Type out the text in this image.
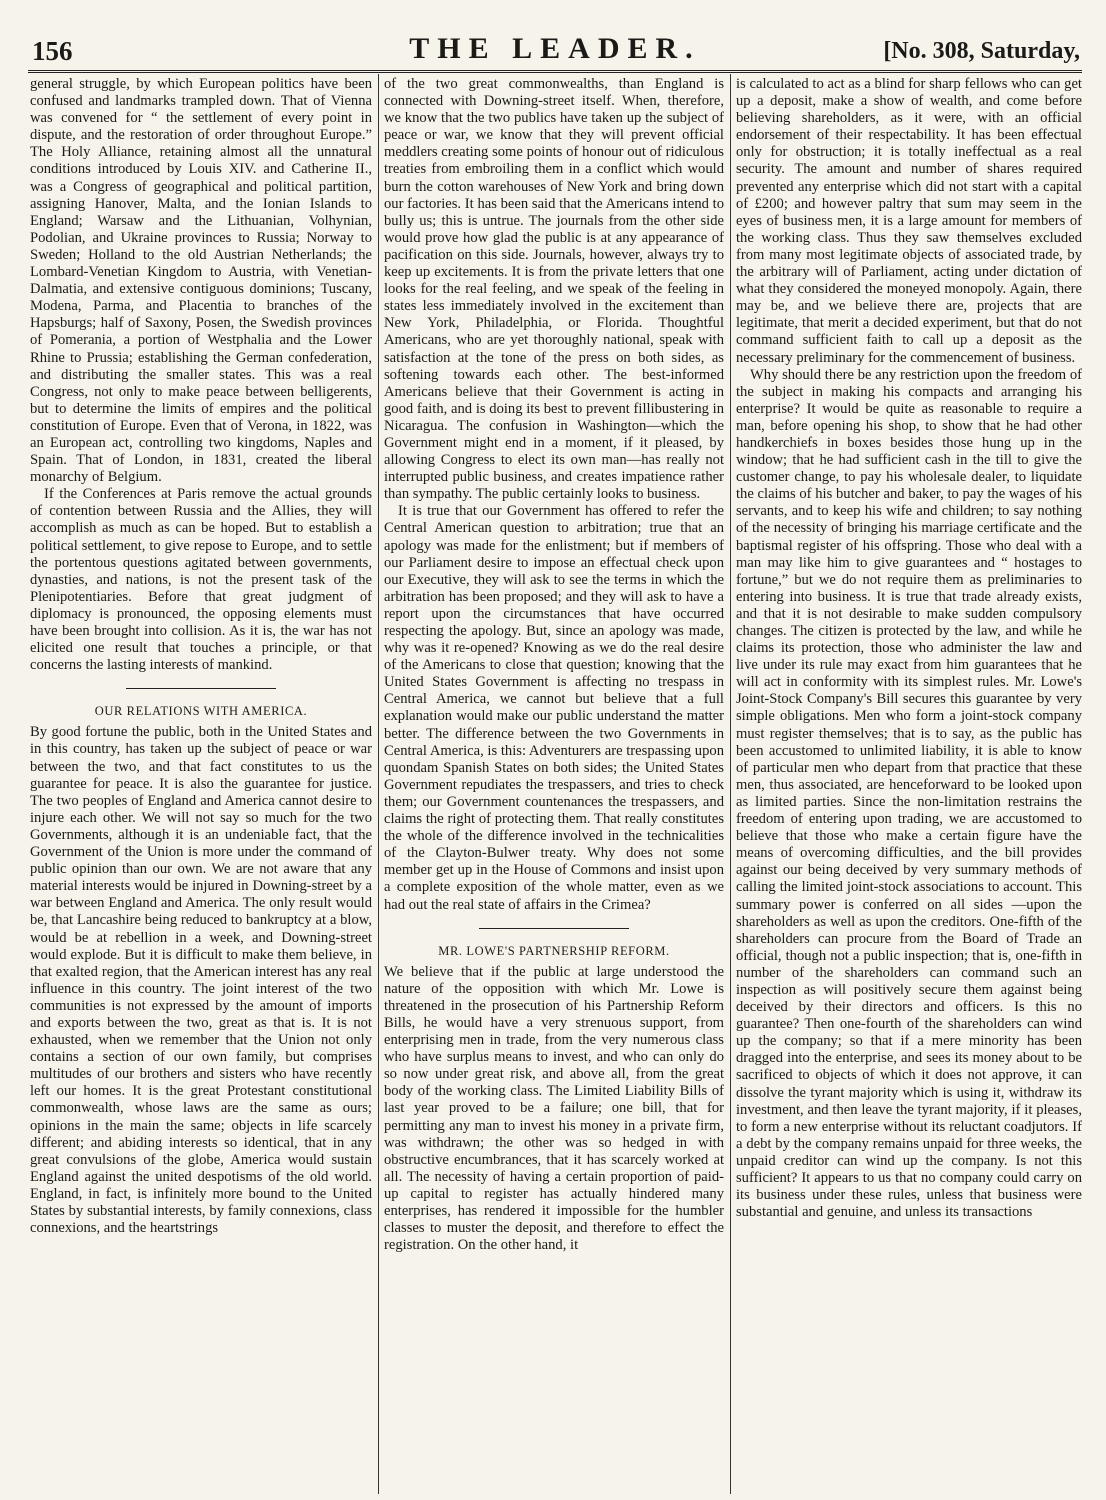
156	THE LEADER.	[No. 308, Saturday,

general struggle, by which European politics have been confused and landmarks trampled down. That of Vienna was convened for “ the settlement of every point in dispute, and the restoration of order throughout Europe.” The Holy Alliance, retaining almost all the unnatural conditions introduced by Louis XIV. and Catherine II., was a Congress of geographical and political partition, assigning Hanover, Malta, and the Ionian Islands to England; Warsaw and the Lithuanian, Volhynian, Podolian, and Ukraine provinces to Russia; Norway to Sweden; Holland to the old Austrian Netherlands; the Lombard-Venetian Kingdom to Austria, with Venetian-Dalmatia, and extensive contiguous dominions; Tuscany, Modena, Parma, and Placentia to branches of the Hapsburgs; half of Saxony, Posen, the Swedish provinces of Pomerania, a portion of Westphalia and the Lower Rhine to Prussia; establishing the German confederation, and distributing the smaller states. This was a real Congress, not only to make peace between belligerents, but to determine the limits of empires and the political constitution of Europe. Even that of Verona, in 1822, was an European act, controlling two kingdoms, Naples and Spain. That of London, in 1831, created the liberal monarchy of Belgium.

If the Conferences at Paris remove the actual grounds of contention between Russia and the Allies, they will accomplish as much as can be hoped. But to establish a political settlement, to give repose to Europe, and to settle the portentous questions agitated between governments, dynasties, and nations, is not the present task of the Plenipotentiaries. Before that great judgment of diplomacy is pronounced, the opposing elements must have been brought into collision. As it is, the war has not elicited one result that touches a principle, or that concerns the lasting interests of mankind.

OUR RELATIONS WITH AMERICA.

By good fortune the public, both in the United States and in this country, has taken up the subject of peace or war between the two, and that fact constitutes to us the guarantee for peace. It is also the guarantee for justice. The two peoples of England and America cannot desire to injure each other. We will not say so much for the two Governments, although it is an undeniable fact, that the Government of the Union is more under the command of public opinion than our own. We are not aware that any material interests would be injured in Downing-street by a war between England and America. The only result would be, that Lancashire being reduced to bankruptcy at a blow, would be at rebellion in a week, and Downing-street would explode. But it is difficult to make them believe, in that exalted region, that the American interest has any real influence in this country. The joint interest of the two communities is not expressed by the amount of imports and exports between the two, great as that is. It is not exhausted, when we remember that the Union not only contains a section of our own family, but comprises multitudes of our brothers and sisters who have recently left our homes. It is the great Protestant constitutional commonwealth, whose laws are the same as ours; opinions in the main the same; objects in life scarcely different; and abiding interests so identical, that in any great convulsions of the globe, America would sustain England against the united despotisms of the old world. England, in fact, is infinitely more bound to the United States by substantial interests, by family connexions, class connexions, and the heartstrings

of the two great commonwealths, than England is connected with Downing-street itself. When, therefore, we know that the two publics have taken up the subject of peace or war, we know that they will prevent official meddlers creating some points of honour out of ridiculous treaties from embroiling them in a conflict which would burn the cotton warehouses of New York and bring down our factories. It has been said that the Americans intend to bully us; this is untrue. The journals from the other side would prove how glad the public is at any appearance of pacification on this side. Journals, however, always try to keep up excitements. It is from the private letters that one looks for the real feeling, and we speak of the feeling in states less immediately involved in the excitement than New York, Philadelphia, or Florida. Thoughtful Americans, who are yet thoroughly national, speak with satisfaction at the tone of the press on both sides, as softening towards each other. The best-informed Americans believe that their Government is acting in good faith, and is doing its best to prevent fillibustering in Nicaragua. The confusion in Washington—which the Government might end in a moment, if it pleased, by allowing Congress to elect its own man—has really not interrupted public business, and creates impatience rather than sympathy. The public certainly looks to business.

It is true that our Government has offered to refer the Central American question to arbitration; true that an apology was made for the enlistment; but if members of our Parliament desire to impose an effectual check upon our Executive, they will ask to see the terms in which the arbitration has been proposed; and they will ask to have a report upon the circumstances that have occurred respecting the apology. But, since an apology was made, why was it re-opened? Knowing as we do the real desire of the Americans to close that question; knowing that the United States Government is affecting no trespass in Central America, we cannot but believe that a full explanation would make our public understand the matter better. The difference between the two Governments in Central America, is this: Adventurers are trespassing upon quondam Spanish States on both sides; the United States Government repudiates the trespassers, and tries to check them; our Government countenances the trespassers, and claims the right of protecting them. That really constitutes the whole of the difference involved in the technicalities of the Clayton-Bulwer treaty. Why does not some member get up in the House of Commons and insist upon a complete exposition of the whole matter, even as we had out the real state of affairs in the Crimea?

MR. LOWE'S PARTNERSHIP REFORM.

We believe that if the public at large understood the nature of the opposition with which Mr. Lowe is threatened in the prosecution of his Partnership Reform Bills, he would have a very strenuous support, from enterprising men in trade, from the very numerous class who have surplus means to invest, and who can only do so now under great risk, and above all, from the great body of the working class. The Limited Liability Bills of last year proved to be a failure; one bill, that for permitting any man to invest his money in a private firm, was withdrawn; the other was so hedged in with obstructive encumbrances, that it has scarcely worked at all. The necessity of having a certain proportion of paid-up capital to register has actually hindered many enterprises, has rendered it impossible for the humbler classes to muster the deposit, and therefore to effect the registration. On the other hand, it

is calculated to act as a blind for sharp fellows who can get up a deposit, make a show of wealth, and come before believing shareholders, as it were, with an official endorsement of their respectability. It has been effectual only for obstruction; it is totally ineffectual as a real security. The amount and number of shares required prevented any enterprise which did not start with a capital of £200; and however paltry that sum may seem in the eyes of business men, it is a large amount for members of the working class. Thus they saw themselves excluded from many most legitimate objects of associated trade, by the arbitrary will of Parliament, acting under dictation of what they considered the moneyed monopoly. Again, there may be, and we believe there are, projects that are legitimate, that merit a decided experiment, but that do not command sufficient faith to call up a deposit as the necessary preliminary for the commencement of business.

Why should there be any restriction upon the freedom of the subject in making his compacts and arranging his enterprise? It would be quite as reasonable to require a man, before opening his shop, to show that he had other handkerchiefs in boxes besides those hung up in the window; that he had sufficient cash in the till to give the customer change, to pay his wholesale dealer, to liquidate the claims of his butcher and baker, to pay the wages of his servants, and to keep his wife and children; to say nothing of the necessity of bringing his marriage certificate and the baptismal register of his offspring. Those who deal with a man may like him to give guarantees and “ hostages to fortune,” but we do not require them as preliminaries to entering into business. It is true that trade already exists, and that it is not desirable to make sudden compulsory changes. The citizen is protected by the law, and while he claims its protection, those who administer the law and live under its rule may exact from him guarantees that he will act in conformity with its simplest rules. Mr. Lowe's Joint-Stock Company's Bill secures this guarantee by very simple obligations. Men who form a joint-stock company must register themselves; that is to say, as the public has been accustomed to unlimited liability, it is able to know of particular men who depart from that practice that these men, thus associated, are henceforward to be looked upon as limited parties. Since the non-limitation restrains the freedom of entering upon trading, we are accustomed to believe that those who make a certain figure have the means of overcoming difficulties, and the bill provides against our being deceived by very summary methods of calling the limited joint-stock associations to account. This summary power is conferred on all sides —upon the shareholders as well as upon the creditors. One-fifth of the shareholders can procure from the Board of Trade an official, though not a public inspection; that is, one-fifth in number of the shareholders can command such an inspection as will positively secure them against being deceived by their directors and officers. Is this no guarantee? Then one-fourth of the shareholders can wind up the company; so that if a mere minority has been dragged into the enterprise, and sees its money about to be sacrificed to objects of which it does not approve, it can dissolve the tyrant majority which is using it, withdraw its investment, and then leave the tyrant majority, if it pleases, to form a new enterprise without its reluctant coadjutors. If a debt by the company remains unpaid for three weeks, the unpaid creditor can wind up the company. Is not this sufficient? It appears to us that no company could carry on its business under these rules, unless that business were substantial and genuine, and unless its transactions
